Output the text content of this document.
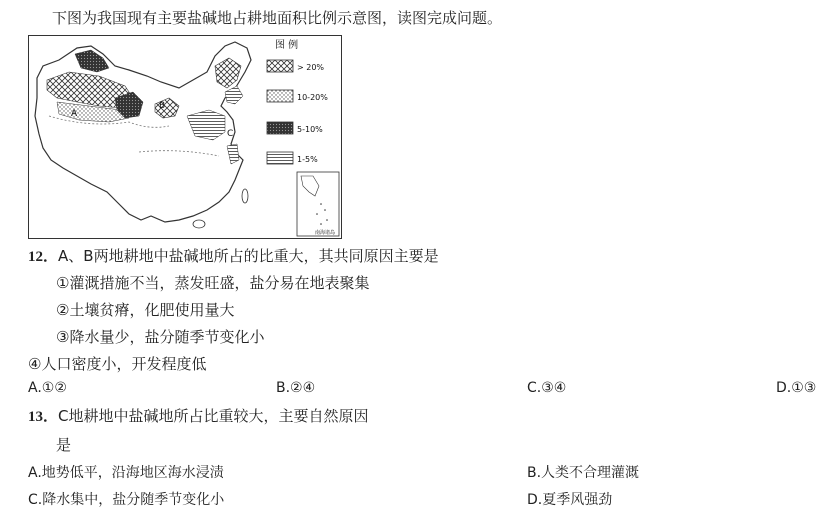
下图为我国现有主要盐碱地占耕地面积比例示意图，读图完成问题。
A
B
C
图 例
> 20%
10-20%
5-10%
1-5%
南海诸岛
12．A、B两地耕地中盐碱地所占的比重大，其共同原因主要是
①灌溉措施不当，蒸发旺盛，盐分易在地表聚集
②土壤贫瘠，化肥使用量大
③降水量少，盐分随季节变化小
④人口密度小，开发程度低
A.①②	B.②④	C.③④	D.①③
13．C地耕地中盐碱地所占比重较大，主要自然原因
是
A.地势低平，沿海地区海水浸渍	B.人类不合理灌溉
C.降水集中，盐分随季节变化小	D.夏季风强劲
